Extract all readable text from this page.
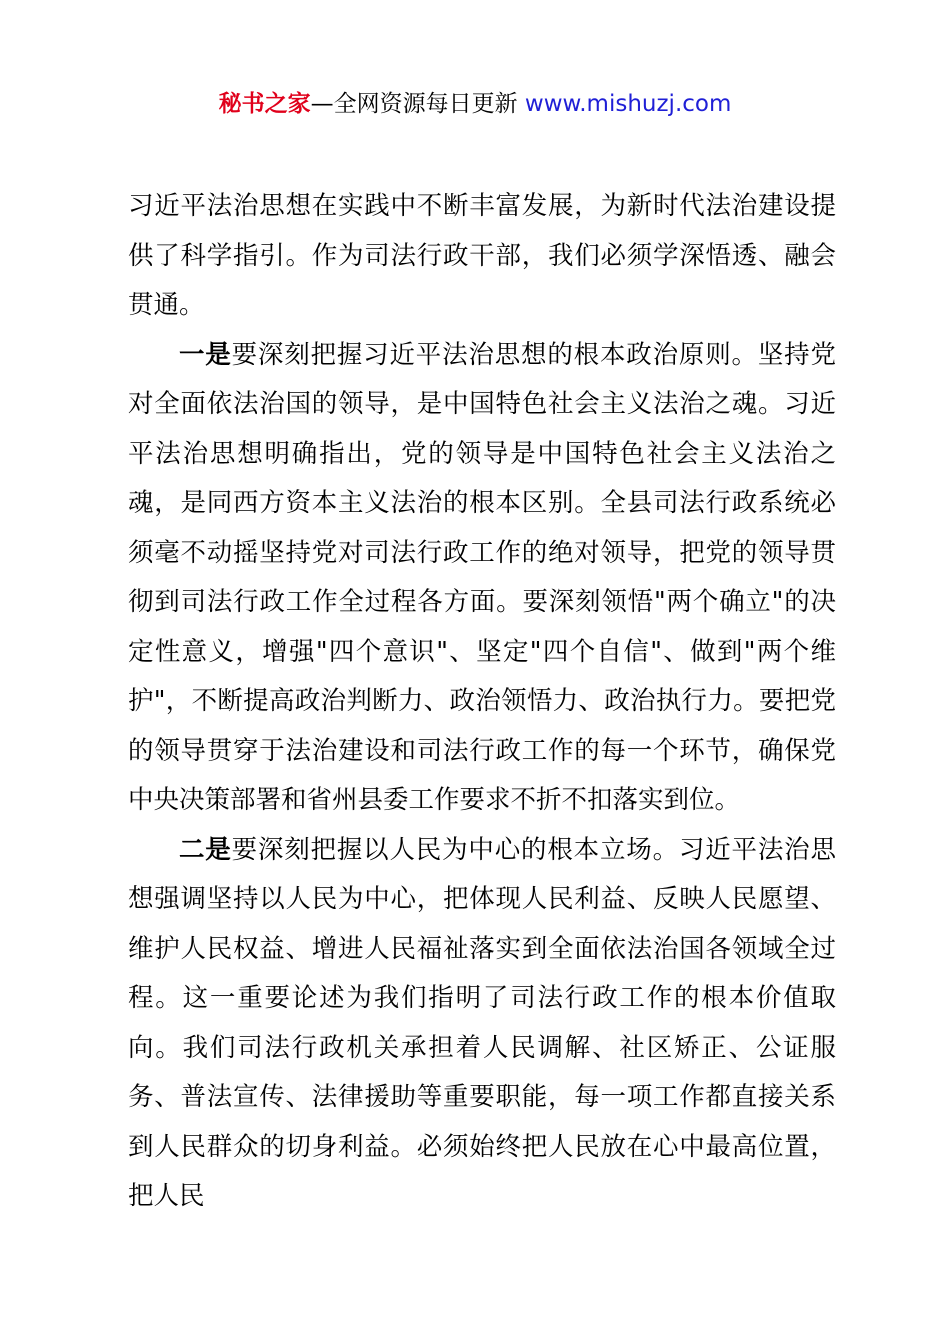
秘书之家—全网资源每日更新 www.mishuzj.com

习近平法治思想在实践中不断丰富发展，为新时代法治建设提供了科学指引。作为司法行政干部，我们必须学深悟透、融会贯通。

一是要深刻把握习近平法治思想的根本政治原则。坚持党对全面依法治国的领导，是中国特色社会主义法治之魂。习近平法治思想明确指出，党的领导是中国特色社会主义法治之魂，是同西方资本主义法治的根本区别。全县司法行政系统必须毫不动摇坚持党对司法行政工作的绝对领导，把党的领导贯彻到司法行政工作全过程各方面。要深刻领悟"两个确立"的决定性意义，增强"四个意识"、坚定"四个自信"、做到"两个维护"，不断提高政治判断力、政治领悟力、政治执行力。要把党的领导贯穿于法治建设和司法行政工作的每一个环节，确保党中央决策部署和省州县委工作要求不折不扣落实到位。

二是要深刻把握以人民为中心的根本立场。习近平法治思想强调坚持以人民为中心，把体现人民利益、反映人民愿望、维护人民权益、增进人民福祉落实到全面依法治国各领域全过程。这一重要论述为我们指明了司法行政工作的根本价值取向。我们司法行政机关承担着人民调解、社区矫正、公证服务、普法宣传、法律援助等重要职能，每一项工作都直接关系到人民群众的切身利益。必须始终把人民放在心中最高位置，把人民
